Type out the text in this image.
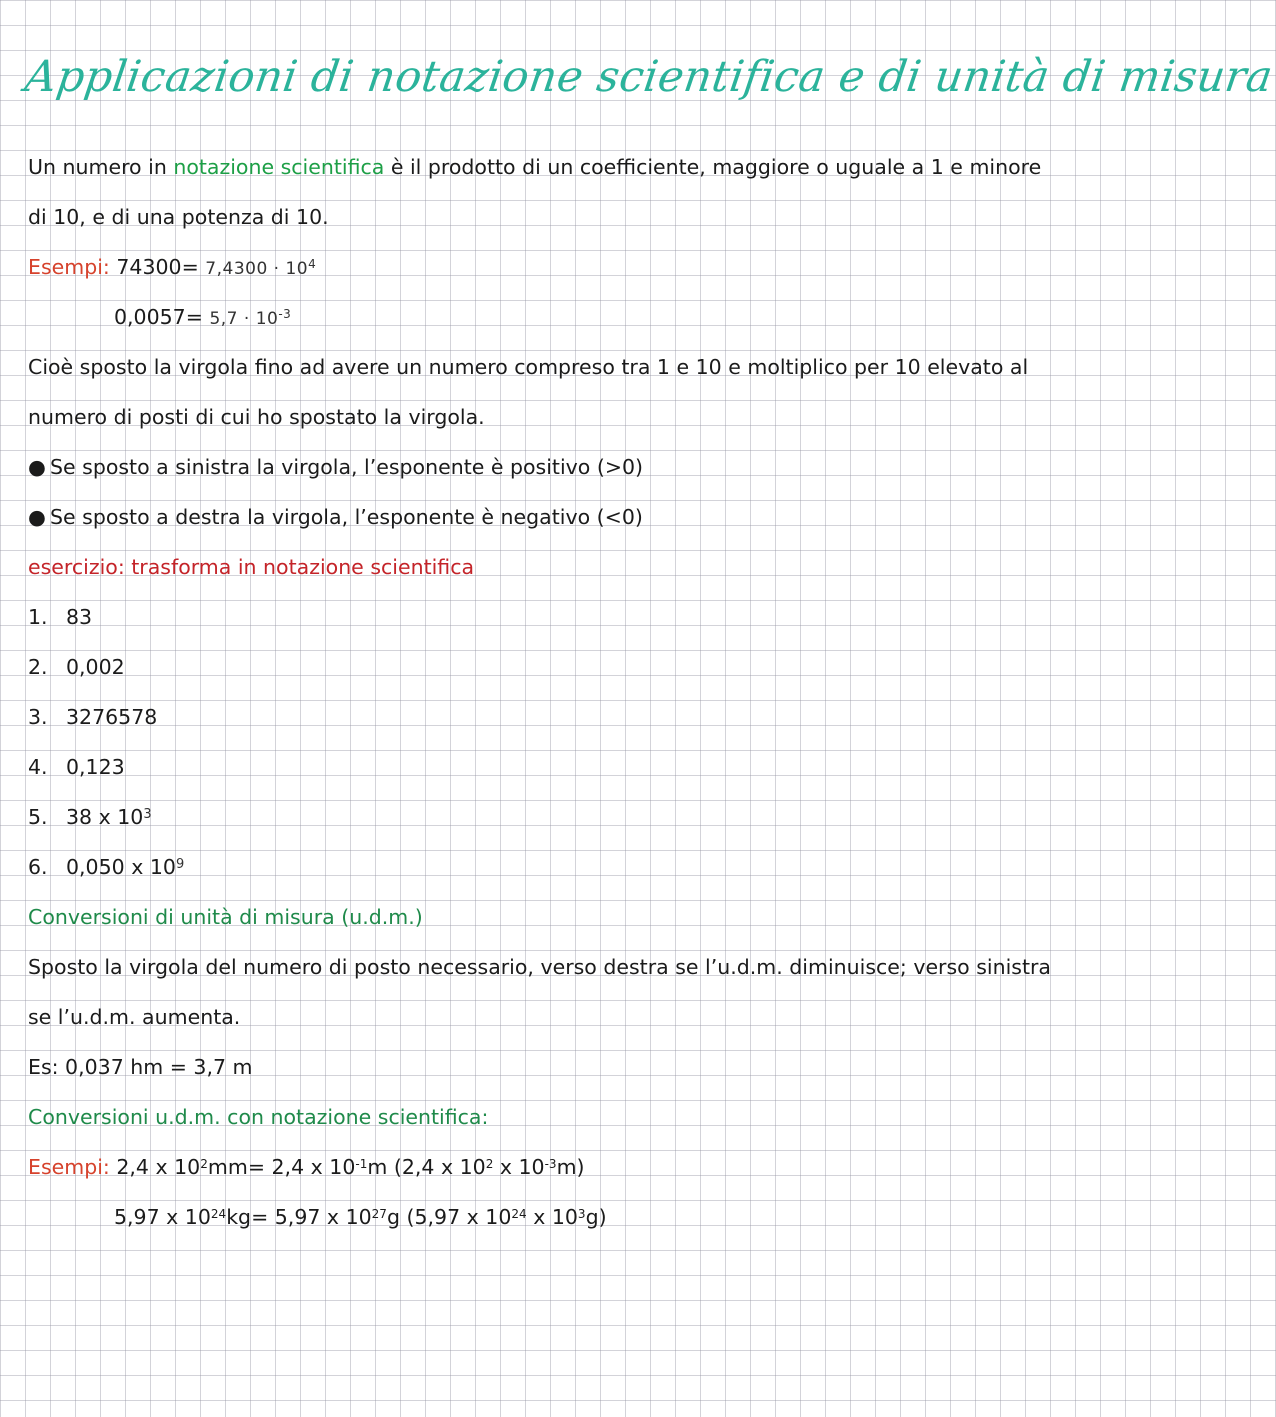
Applicazioni di notazione scientifica e di unità di misura
Un numero in notazione scientifica è il prodotto di un coefficiente, maggiore o uguale a 1 e minore
di 10, e di una potenza di 10.
Esempi: $74300= 7,4300 \cdot 10^4$
$0,0057= 5,7 \cdot 10^{-3}$
Cioè sposto la virgola fino ad avere un numero compreso tra 1 e 10 e moltiplico per 10 elevato al
numero di posti di cui ho spostato la virgola.
● Se sposto a sinistra la virgola, l’esponente è positivo (>0)
● Se sposto a destra la virgola, l’esponente è negativo (<0)
esercizio: trasforma in notazione scientifica
1. 83
2. 0,002
3. 3276578
4. 0,123
5. 38 x $10^3$
6. 0,050 x $10^9$
Conversioni di unità di misura (u.d.m.)
Sposto la virgola del numero di posto necessario, verso destra se l’u.d.m. diminuisce; verso sinistra
se l’u.d.m. aumenta.
Es: 0,037 hm = 3,7 m
Conversioni u.d.m. con notazione scientifica:
Esempi: 2,4 x $10^2mm= 2,4$ x $10^{-1}m$ (2,4 x $10^2$ x $10^{-3}m$)
5,97 x $10^{24}kg= 5,97$ x $10^{27}g$ (5,97 x $10^{24}$ x $10^3g$)
